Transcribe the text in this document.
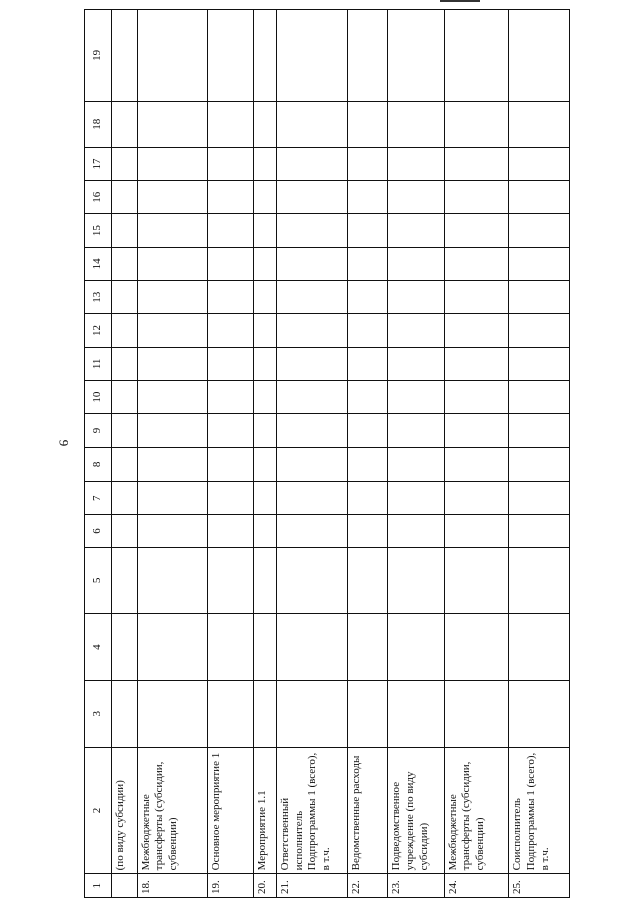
9
1	2	3	4	5	6	7	8	9	10	11	12	13	14	15	16	17	18	19
	(по виду субсидии)																	
18.	Межбюджетные трансферты (субсидии, субвенции)																	
19.	Основное мероприятие 1																	
20.	Мероприятие 1.1																	
21.	Ответственный исполнитель Подпрограммы 1 (всего), в т.ч.																	
22.	Ведомственные расходы																	
23.	Подведомственное учреждение (по виду субсидии)																	
24.	Межбюджетные трансферты (субсидии, субвенции)																	
25.	Соисполнитель Подпрограммы 1 (всего), в т.ч.																	
